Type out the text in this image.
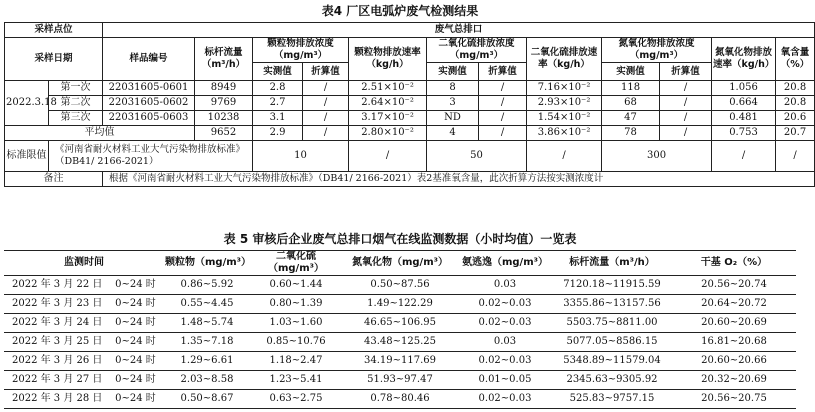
表4 厂区电弧炉废气检测结果
采样点位		废气总排口											
采样日期		样品编号	标杆流量（m³/h）	颗粒物排放浓度（mg/m³）		颗粒物排放速率（kg/h）	二氧化硫排放浓度（mg/m³）		二氧化硫排放速率（kg/h）	氮氧化物排放浓度（mg/m³）		氮氧化物排放速率（kg/h）	氧含量（%）
				实测值	折算值		实测值	折算值		实测值	折算值		
2022.3.18	第一次	22031605-0601	8949	2.8	/	2.51×10⁻²	8	/	7.16×10⁻²	118	/	1.056	20.8
	第二次	22031605-0602	9769	2.7	/	2.64×10⁻²	3	/	2.93×10⁻²	68	/	0.664	20.8
	第三次	22031605-0603	10238	3.1	/	3.17×10⁻²	ND	/	1.54×10⁻²	47	/	0.481	20.6
平均值			9652	2.9	/	2.80×10⁻²	4	/	3.86×10⁻²	78	/	0.753	20.7
标准限值	《河南省耐火材料工业大气污染物排放标准》（DB41/ 2166-2021）			10		/	50		/	300		/	/
备注		根据《河南省耐火材料工业大气污染物排放标准》（DB41/ 2166-2021）表2基准氧含量，此次折算方法按实测浓度计											
表 5 审核后企业废气总排口烟气在线监测数据（小时均值）一览表
监测时间	颗粒物（mg/m³）	二氧化硫（mg/m³）	氮氧化物（mg/m³）	氨逃逸（mg/m³）	标杆流量（m³/h）	干基 O₂（%）
2022 年 3 月 22 日    0~24 时	0.86~5.92	0.60~1.44	0.50~87.56	0.03	7120.18~11915.59	20.56~20.74
2022 年 3 月 23 日    0~24 时	0.55~4.45	0.80~1.39	1.49~122.29	0.02~0.03	3355.86~13157.56	20.64~20.72
2022 年 3 月 24 日    0~24 时	1.48~5.74	1.03~1.60	46.65~106.95	0.02~0.03	5503.75~8811.00	20.60~20.69
2022 年 3 月 25 日    0~24 时	1.35~7.18	0.85~10.76	43.48~125.25	0.03	5077.05~8586.15	16.81~20.68
2022 年 3 月 26 日    0~24 时	1.29~6.61	1.18~2.47	34.19~117.69	0.02~0.03	5348.89~11579.04	20.60~20.66
2022 年 3 月 27 日    0~24 时	2.03~8.58	1.23~5.41	51.93~97.47	0.01~0.05	2345.63~9305.92	20.32~20.69
2022 年 3 月 28 日    0~24 时	0.50~8.67	0.63~2.75	0.78~80.46	0.02~0.03	525.83~9757.15	20.56~20.75
